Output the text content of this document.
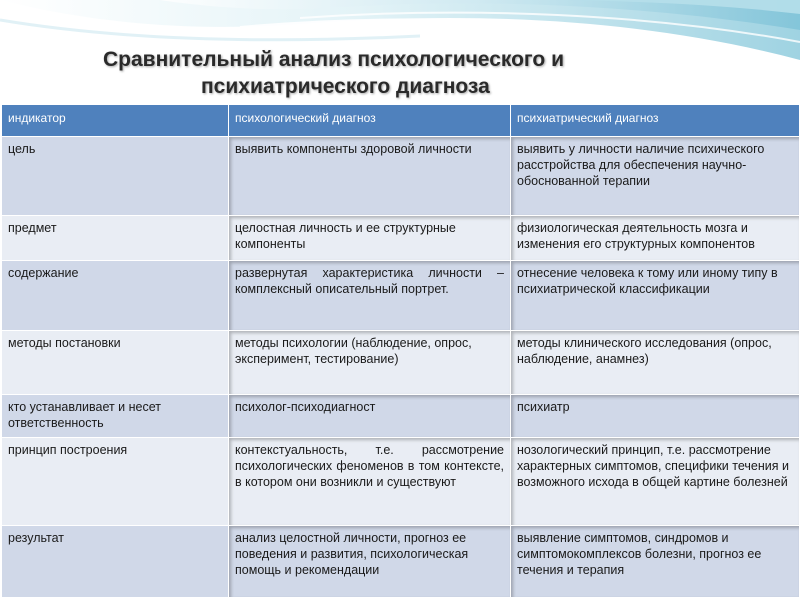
Сравнительный анализ психологического и
психиатрического диагноза
индикатор	психологический диагноз	психиатрический диагноз
цель	выявить компоненты здоровой личности	выявить у личности наличие психического расстройства для обеспечения научно-обоснованной терапии
предмет	целостная личность и ее структурные компоненты	физиологическая деятельность мозга и изменения его структурных компонентов
содержание	развернутая характеристика личности – комплексный описательный портрет.	отнесение человека к тому или иному типу в психиатрической классификации
методы постановки	методы психологии (наблюдение, опрос, эксперимент, тестирование)	методы клинического исследования (опрос, наблюдение, анамнез)
кто устанавливает и несет ответственность	психолог-психодиагност	психиатр
принцип построения	контекстуальность, т.е. рассмотрение психологических феноменов в том контексте, в котором они возникли и существуют	нозологический принцип, т.е. рассмотрение характерных симптомов, специфики течения и возможного исхода в общей картине болезней
результат	анализ целостной личности, прогноз ее поведения и развития, психологическая помощь и рекомендации	выявление симптомов, синдромов и симптомокомплексов болезни, прогноз ее течения и терапия
